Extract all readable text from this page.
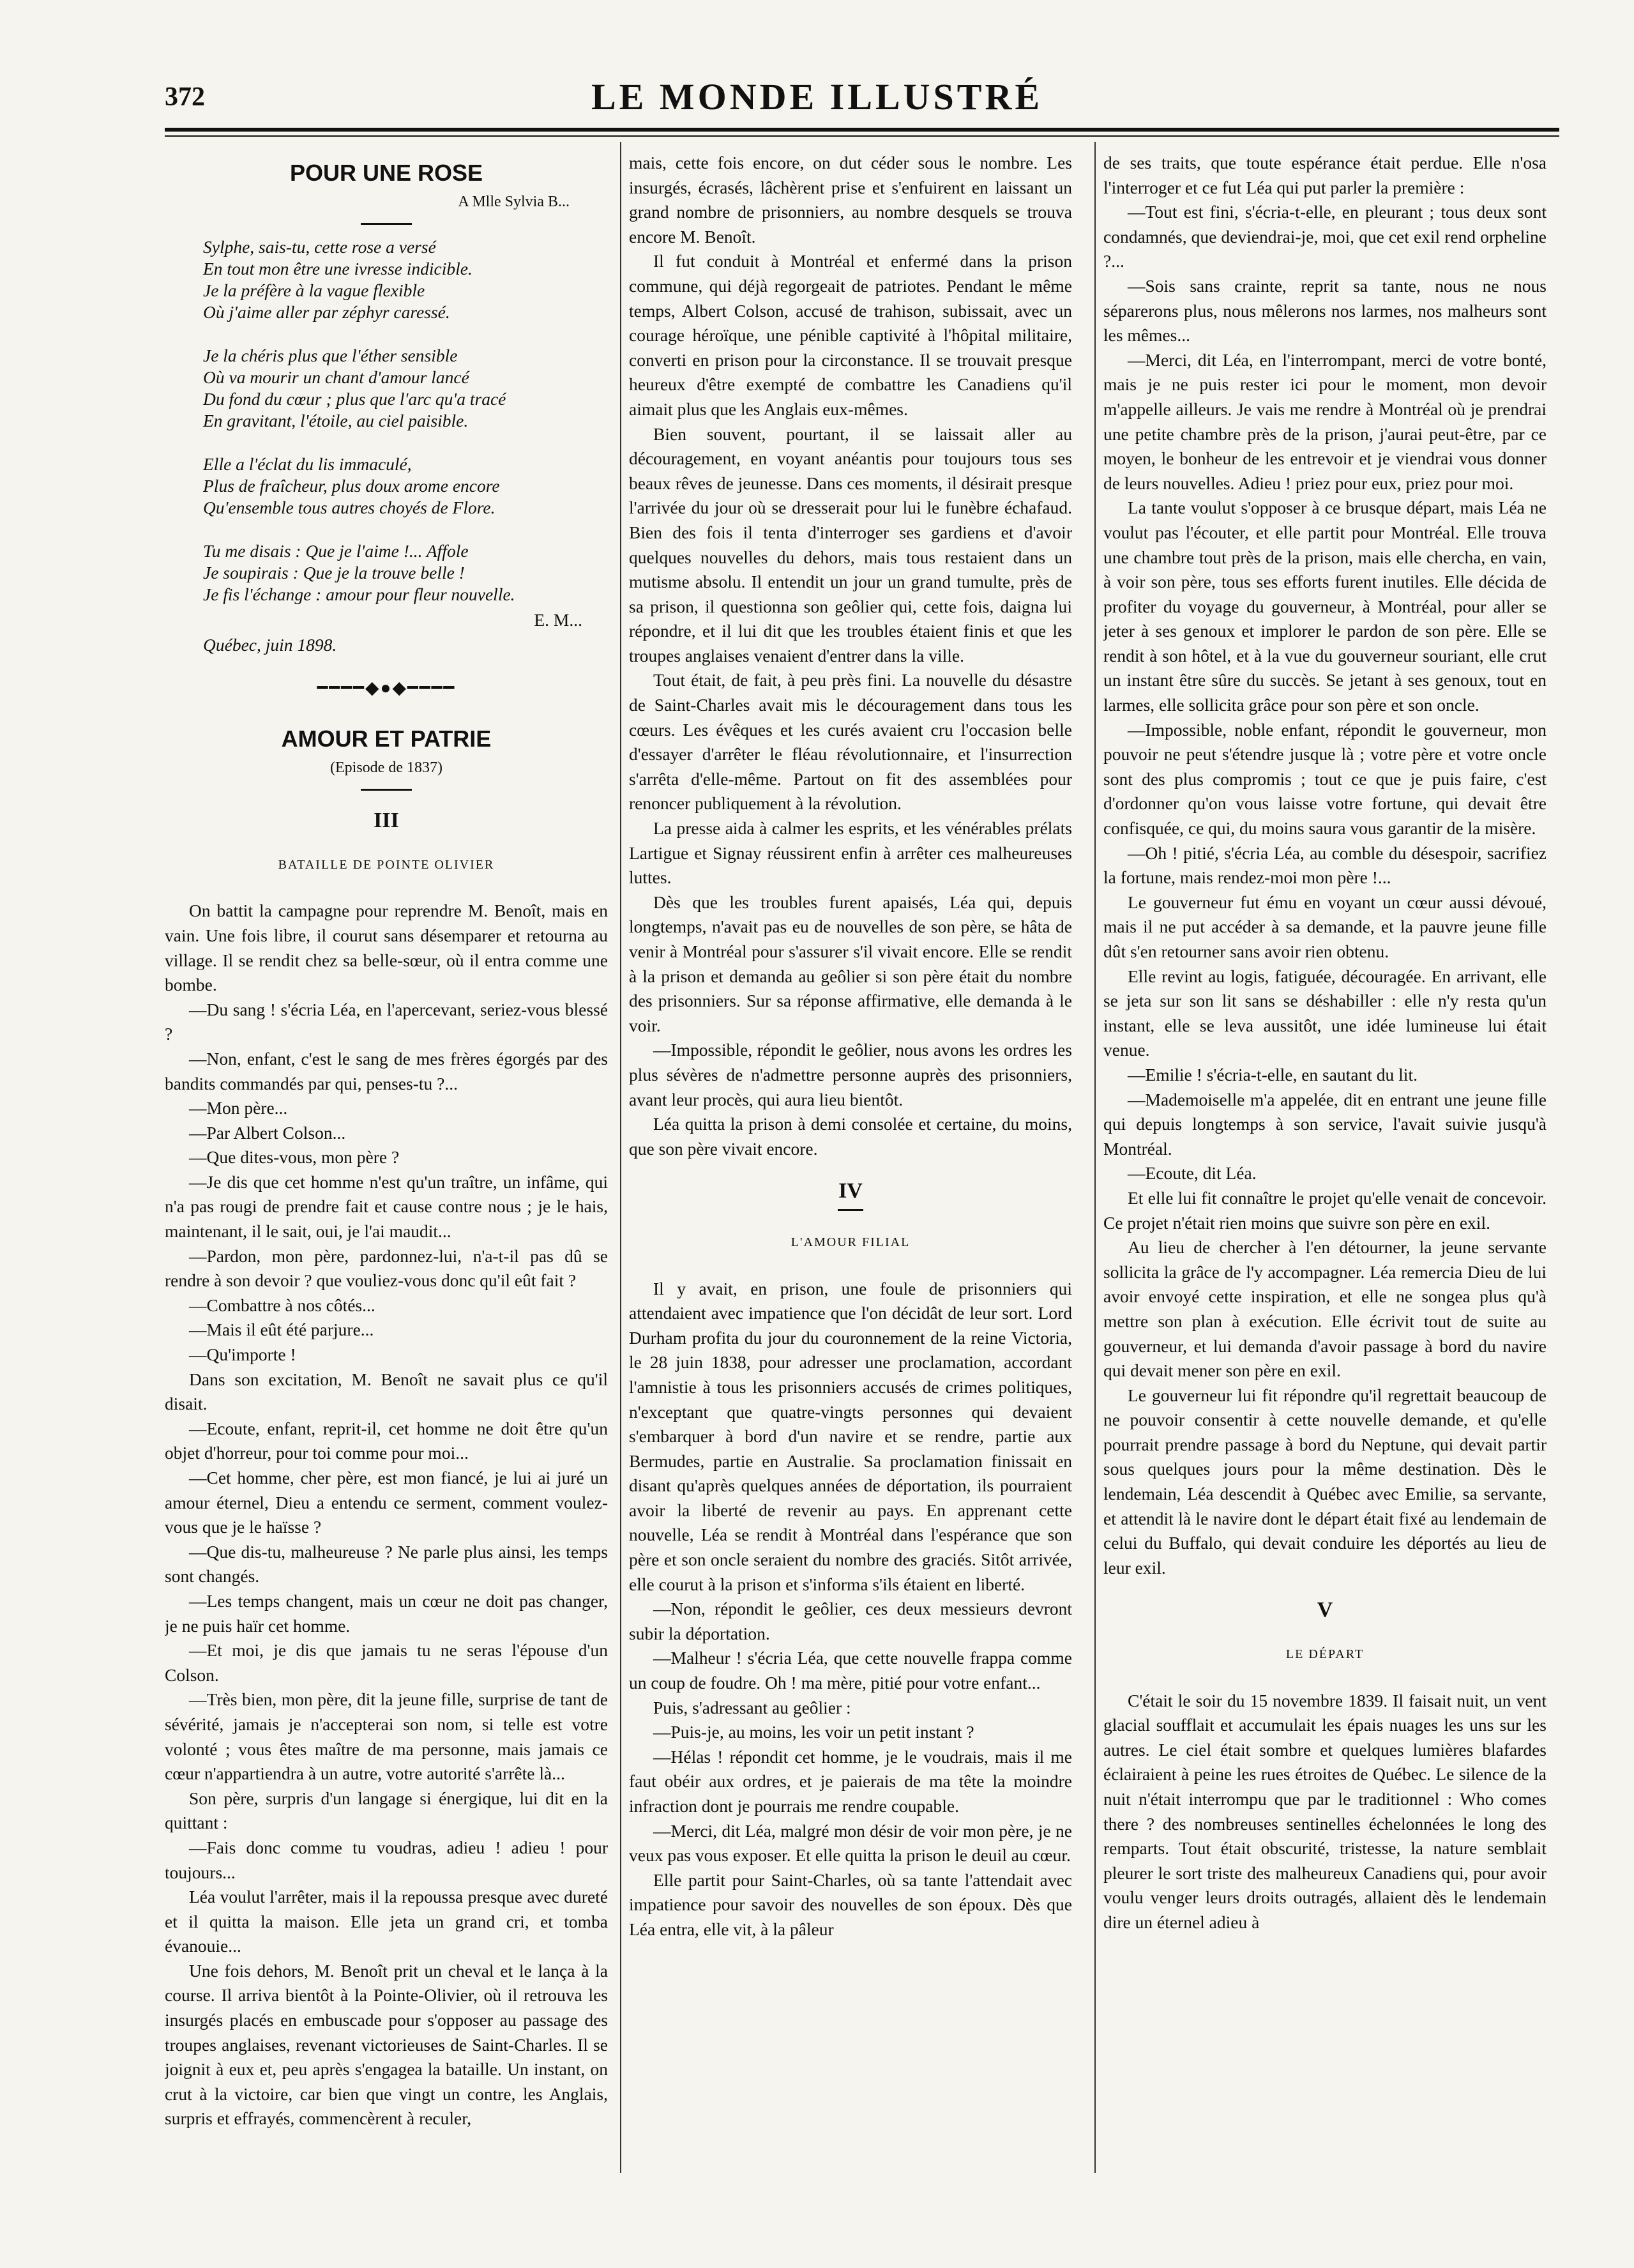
372	LE MONDE ILLUSTRÉ
POUR UNE ROSE
A Mlle Sylvia B...
Sylphe, sais-tu, cette rose a versé
En tout mon être une ivresse indicible.
Je la préfère à la vague flexible
Où j'aime aller par zéphyr caressé.
Je la chéris plus que l'éther sensible
Où va mourir un chant d'amour lancé
Du fond du cœur ; plus que l'arc qu'a tracé
En gravitant, l'étoile, au ciel paisible.
Elle a l'éclat du lis immaculé,
Plus de fraîcheur, plus doux arome encore
Qu'ensemble tous autres choyés de Flore.
Tu me disais : Que je l'aime !... Affole
Je soupirais : Que je la trouve belle !
Je fis l'échange : amour pour fleur nouvelle.
E. M...
Québec, juin 1898.
━━━━◆●◆━━━━
AMOUR ET PATRIE
(Episode de 1837)
III
BATAILLE DE POINTE OLIVIER

On battit la campagne pour reprendre M. Benoît, mais en vain. Une fois libre, il courut sans désemparer et retourna au village. Il se rendit chez sa belle-sœur, où il entra comme une bombe.

—Du sang ! s'écria Léa, en l'apercevant, seriez-vous blessé ?

—Non, enfant, c'est le sang de mes frères égorgés par des bandits commandés par qui, penses-tu ?...

—Mon père...

—Par Albert Colson...

—Que dites-vous, mon père ?

—Je dis que cet homme n'est qu'un traître, un infâme, qui n'a pas rougi de prendre fait et cause contre nous ; je le hais, maintenant, il le sait, oui, je l'ai maudit...

—Pardon, mon père, pardonnez-lui, n'a-t-il pas dû se rendre à son devoir ? que vouliez-vous donc qu'il eût fait ?

—Combattre à nos côtés...

—Mais il eût été parjure...

—Qu'importe !

Dans son excitation, M. Benoît ne savait plus ce qu'il disait.

—Ecoute, enfant, reprit-il, cet homme ne doit être qu'un objet d'horreur, pour toi comme pour moi...

—Cet homme, cher père, est mon fiancé, je lui ai juré un amour éternel, Dieu a entendu ce serment, comment voulez-vous que je le haïsse ?

—Que dis-tu, malheureuse ? Ne parle plus ainsi, les temps sont changés.

—Les temps changent, mais un cœur ne doit pas changer, je ne puis haïr cet homme.

—Et moi, je dis que jamais tu ne seras l'épouse d'un Colson.

—Très bien, mon père, dit la jeune fille, surprise de tant de sévérité, jamais je n'accepterai son nom, si telle est votre volonté ; vous êtes maître de ma personne, mais jamais ce cœur n'appartiendra à un autre, votre autorité s'arrête là...

Son père, surpris d'un langage si énergique, lui dit en la quittant :

—Fais donc comme tu voudras, adieu ! adieu ! pour toujours...

Léa voulut l'arrêter, mais il la repoussa presque avec dureté et il quitta la maison. Elle jeta un grand cri, et tomba évanouie...

Une fois dehors, M. Benoît prit un cheval et le lança à la course. Il arriva bientôt à la Pointe-Olivier, où il retrouva les insurgés placés en embuscade pour s'opposer au passage des troupes anglaises, revenant victorieuses de Saint-Charles. Il se joignit à eux et, peu après s'engagea la bataille. Un instant, on crut à la victoire, car bien que vingt un contre, les Anglais, surpris et effrayés, commencèrent à reculer,

mais, cette fois encore, on dut céder sous le nombre. Les insurgés, écrasés, lâchèrent prise et s'enfuirent en laissant un grand nombre de prisonniers, au nombre desquels se trouva encore M. Benoît.

Il fut conduit à Montréal et enfermé dans la prison commune, qui déjà regorgeait de patriotes. Pendant le même temps, Albert Colson, accusé de trahison, subissait, avec un courage héroïque, une pénible captivité à l'hôpital militaire, converti en prison pour la circonstance. Il se trouvait presque heureux d'être exempté de combattre les Canadiens qu'il aimait plus que les Anglais eux-mêmes.

Bien souvent, pourtant, il se laissait aller au découragement, en voyant anéantis pour toujours tous ses beaux rêves de jeunesse. Dans ces moments, il désirait presque l'arrivée du jour où se dresserait pour lui le funèbre échafaud. Bien des fois il tenta d'interroger ses gardiens et d'avoir quelques nouvelles du dehors, mais tous restaient dans un mutisme absolu. Il entendit un jour un grand tumulte, près de sa prison, il questionna son geôlier qui, cette fois, daigna lui répondre, et il lui dit que les troubles étaient finis et que les troupes anglaises venaient d'entrer dans la ville.

Tout était, de fait, à peu près fini. La nouvelle du désastre de Saint-Charles avait mis le découragement dans tous les cœurs. Les évêques et les curés avaient cru l'occasion belle d'essayer d'arrêter le fléau révolutionnaire, et l'insurrection s'arrêta d'elle-même. Partout on fit des assemblées pour renoncer publiquement à la révolution.

La presse aida à calmer les esprits, et les vénérables prélats Lartigue et Signay réussirent enfin à arrêter ces malheureuses luttes.

Dès que les troubles furent apaisés, Léa qui, depuis longtemps, n'avait pas eu de nouvelles de son père, se hâta de venir à Montréal pour s'assurer s'il vivait encore. Elle se rendit à la prison et demanda au geôlier si son père était du nombre des prisonniers. Sur sa réponse affirmative, elle demanda à le voir.

—Impossible, répondit le geôlier, nous avons les ordres les plus sévères de n'admettre personne auprès des prisonniers, avant leur procès, qui aura lieu bientôt.

Léa quitta la prison à demi consolée et certaine, du moins, que son père vivait encore.

IV
L'AMOUR FILIAL

Il y avait, en prison, une foule de prisonniers qui attendaient avec impatience que l'on décidât de leur sort. Lord Durham profita du jour du couronnement de la reine Victoria, le 28 juin 1838, pour adresser une proclamation, accordant l'amnistie à tous les prisonniers accusés de crimes politiques, n'exceptant que quatre-vingts personnes qui devaient s'embarquer à bord d'un navire et se rendre, partie aux Bermudes, partie en Australie. Sa proclamation finissait en disant qu'après quelques années de déportation, ils pourraient avoir la liberté de revenir au pays. En apprenant cette nouvelle, Léa se rendit à Montréal dans l'espérance que son père et son oncle seraient du nombre des graciés. Sitôt arrivée, elle courut à la prison et s'informa s'ils étaient en liberté.

—Non, répondit le geôlier, ces deux messieurs devront subir la déportation.

—Malheur ! s'écria Léa, que cette nouvelle frappa comme un coup de foudre. Oh ! ma mère, pitié pour votre enfant...

Puis, s'adressant au geôlier :

—Puis-je, au moins, les voir un petit instant ?

—Hélas ! répondit cet homme, je le voudrais, mais il me faut obéir aux ordres, et je paierais de ma tête la moindre infraction dont je pourrais me rendre coupable.

—Merci, dit Léa, malgré mon désir de voir mon père, je ne veux pas vous exposer. Et elle quitta la prison le deuil au cœur.

Elle partit pour Saint-Charles, où sa tante l'attendait avec impatience pour savoir des nouvelles de son époux. Dès que Léa entra, elle vit, à la pâleur

de ses traits, que toute espérance était perdue. Elle n'osa l'interroger et ce fut Léa qui put parler la première :

—Tout est fini, s'écria-t-elle, en pleurant ; tous deux sont condamnés, que deviendrai-je, moi, que cet exil rend orpheline ?...

—Sois sans crainte, reprit sa tante, nous ne nous séparerons plus, nous mêlerons nos larmes, nos malheurs sont les mêmes...

—Merci, dit Léa, en l'interrompant, merci de votre bonté, mais je ne puis rester ici pour le moment, mon devoir m'appelle ailleurs. Je vais me rendre à Montréal où je prendrai une petite chambre près de la prison, j'aurai peut-être, par ce moyen, le bonheur de les entrevoir et je viendrai vous donner de leurs nouvelles. Adieu ! priez pour eux, priez pour moi.

La tante voulut s'opposer à ce brusque départ, mais Léa ne voulut pas l'écouter, et elle partit pour Montréal. Elle trouva une chambre tout près de la prison, mais elle chercha, en vain, à voir son père, tous ses efforts furent inutiles. Elle décida de profiter du voyage du gouverneur, à Montréal, pour aller se jeter à ses genoux et implorer le pardon de son père. Elle se rendit à son hôtel, et à la vue du gouverneur souriant, elle crut un instant être sûre du succès. Se jetant à ses genoux, tout en larmes, elle sollicita grâce pour son père et son oncle.

—Impossible, noble enfant, répondit le gouverneur, mon pouvoir ne peut s'étendre jusque là ; votre père et votre oncle sont des plus compromis ; tout ce que je puis faire, c'est d'ordonner qu'on vous laisse votre fortune, qui devait être confisquée, ce qui, du moins saura vous garantir de la misère.

—Oh ! pitié, s'écria Léa, au comble du désespoir, sacrifiez la fortune, mais rendez-moi mon père !...

Le gouverneur fut ému en voyant un cœur aussi dévoué, mais il ne put accéder à sa demande, et la pauvre jeune fille dût s'en retourner sans avoir rien obtenu.

Elle revint au logis, fatiguée, découragée. En arrivant, elle se jeta sur son lit sans se déshabiller : elle n'y resta qu'un instant, elle se leva aussitôt, une idée lumineuse lui était venue.

—Emilie ! s'écria-t-elle, en sautant du lit.

—Mademoiselle m'a appelée, dit en entrant une jeune fille qui depuis longtemps à son service, l'avait suivie jusqu'à Montréal.

—Ecoute, dit Léa.

Et elle lui fit connaître le projet qu'elle venait de concevoir. Ce projet n'était rien moins que suivre son père en exil.

Au lieu de chercher à l'en détourner, la jeune servante sollicita la grâce de l'y accompagner. Léa remercia Dieu de lui avoir envoyé cette inspiration, et elle ne songea plus qu'à mettre son plan à exécution. Elle écrivit tout de suite au gouverneur, et lui demanda d'avoir passage à bord du navire qui devait mener son père en exil.

Le gouverneur lui fit répondre qu'il regrettait beaucoup de ne pouvoir consentir à cette nouvelle demande, et qu'elle pourrait prendre passage à bord du Neptune, qui devait partir sous quelques jours pour la même destination. Dès le lendemain, Léa descendit à Québec avec Emilie, sa servante, et attendit là le navire dont le départ était fixé au lendemain de celui du Buffalo, qui devait conduire les déportés au lieu de leur exil.

V
LE DÉPART

C'était le soir du 15 novembre 1839. Il faisait nuit, un vent glacial soufflait et accumulait les épais nuages les uns sur les autres. Le ciel était sombre et quelques lumières blafardes éclairaient à peine les rues étroites de Québec. Le silence de la nuit n'était interrompu que par le traditionnel : Who comes there ? des nombreuses sentinelles échelonnées le long des remparts. Tout était obscurité, tristesse, la nature semblait pleurer le sort triste des malheureux Canadiens qui, pour avoir voulu venger leurs droits outragés, allaient dès le lendemain dire un éternel adieu à
